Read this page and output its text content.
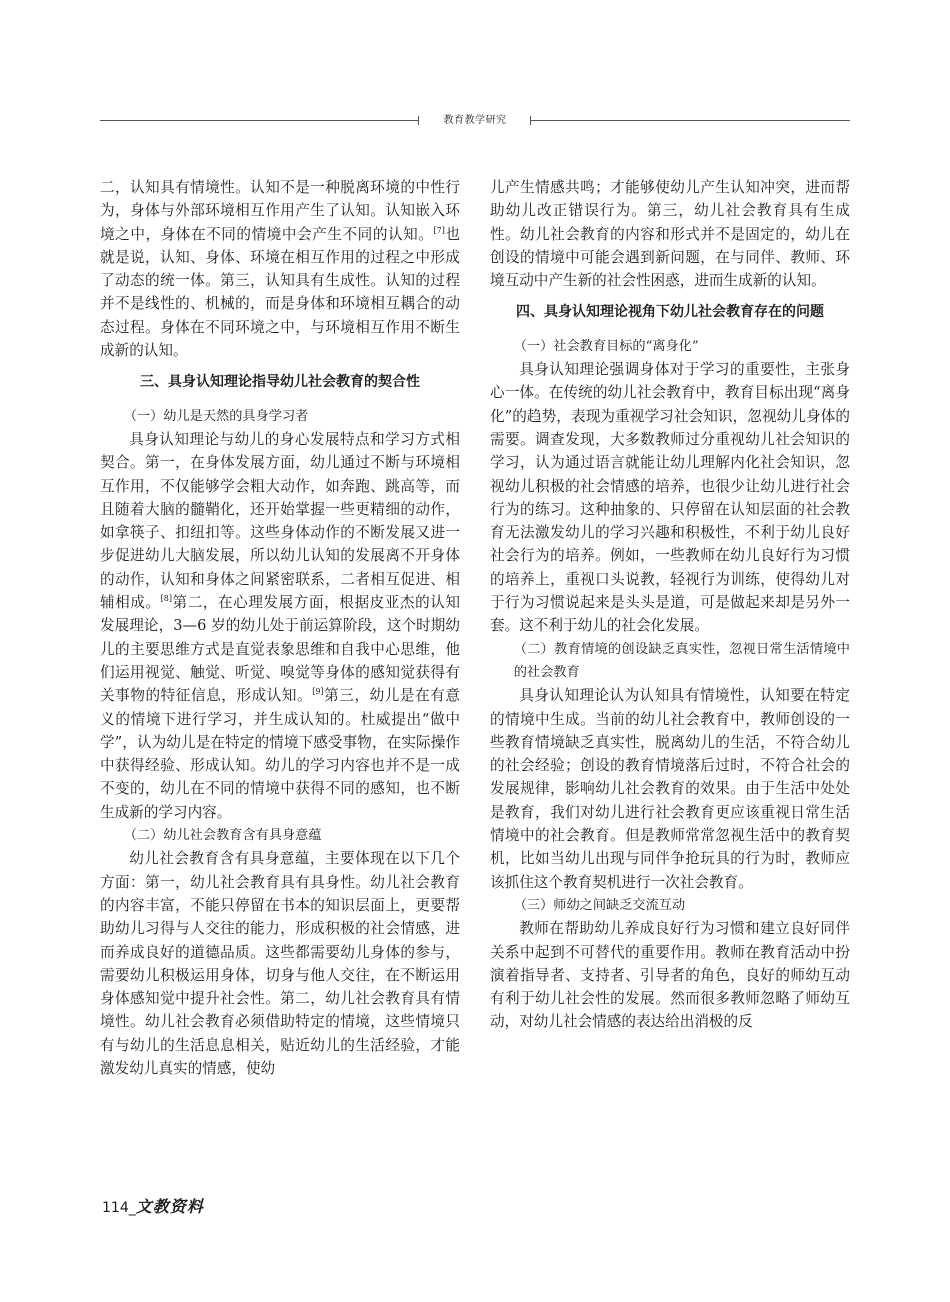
教育教学研究

二，认知具有情境性。认知不是一种脱离环境的中性行为，身体与外部环境相互作用产生了认知。认知嵌入环境之中，身体在不同的情境中会产生不同的认知。[7]也就是说，认知、身体、环境在相互作用的过程之中形成了动态的统一体。第三，认知具有生成性。认知的过程并不是线性的、机械的，而是身体和环境相互耦合的动态过程。身体在不同环境之中，与环境相互作用不断生成新的认知。

三、具身认知理论指导幼儿社会教育的契合性

（一）幼儿是天然的具身学习者

具身认知理论与幼儿的身心发展特点和学习方式相契合。第一，在身体发展方面，幼儿通过不断与环境相互作用，不仅能够学会粗大动作，如奔跑、跳高等，而且随着大脑的髓鞘化，还开始掌握一些更精细的动作，如拿筷子、扣纽扣等。这些身体动作的不断发展又进一步促进幼儿大脑发展，所以幼儿认知的发展离不开身体的动作，认知和身体之间紧密联系，二者相互促进、相辅相成。[8]第二，在心理发展方面，根据皮亚杰的认知发展理论，3—6 岁的幼儿处于前运算阶段，这个时期幼儿的主要思维方式是直觉表象思维和自我中心思维，他们运用视觉、触觉、听觉、嗅觉等身体的感知觉获得有关事物的特征信息，形成认知。[9]第三，幼儿是在有意义的情境下进行学习，并生成认知的。杜威提出“做中学”，认为幼儿是在特定的情境下感受事物，在实际操作中获得经验、形成认知。幼儿的学习内容也并不是一成不变的，幼儿在不同的情境中获得不同的感知，也不断生成新的学习内容。

（二）幼儿社会教育含有具身意蕴

幼儿社会教育含有具身意蕴，主要体现在以下几个方面：第一，幼儿社会教育具有具身性。幼儿社会教育的内容丰富，不能只停留在书本的知识层面上，更要帮助幼儿习得与人交往的能力，形成积极的社会情感，进而养成良好的道德品质。这些都需要幼儿身体的参与，需要幼儿积极运用身体，切身与他人交往，在不断运用身体感知觉中提升社会性。第二，幼儿社会教育具有情境性。幼儿社会教育必须借助特定的情境，这些情境只有与幼儿的生活息息相关，贴近幼儿的生活经验，才能激发幼儿真实的情感，使幼

儿产生情感共鸣；才能够使幼儿产生认知冲突，进而帮助幼儿改正错误行为。第三，幼儿社会教育具有生成性。幼儿社会教育的内容和形式并不是固定的，幼儿在创设的情境中可能会遇到新问题，在与同伴、教师、环境互动中产生新的社会性困惑，进而生成新的认知。

四、具身认知理论视角下幼儿社会教育存在的问题

（一）社会教育目标的“离身化”

具身认知理论强调身体对于学习的重要性，主张身心一体。在传统的幼儿社会教育中，教育目标出现“离身化”的趋势，表现为重视学习社会知识，忽视幼儿身体的需要。调查发现，大多数教师过分重视幼儿社会知识的学习，认为通过语言就能让幼儿理解内化社会知识，忽视幼儿积极的社会情感的培养，也很少让幼儿进行社会行为的练习。这种抽象的、只停留在认知层面的社会教育无法激发幼儿的学习兴趣和积极性，不利于幼儿良好社会行为的培养。例如，一些教师在幼儿良好行为习惯的培养上，重视口头说教，轻视行为训练，使得幼儿对于行为习惯说起来是头头是道，可是做起来却是另外一套。这不利于幼儿的社会化发展。

（二）教育情境的创设缺乏真实性，忽视日常生活情境中的社会教育

具身认知理论认为认知具有情境性，认知要在特定的情境中生成。当前的幼儿社会教育中，教师创设的一些教育情境缺乏真实性，脱离幼儿的生活，不符合幼儿的社会经验；创设的教育情境落后过时，不符合社会的发展规律，影响幼儿社会教育的效果。由于生活中处处是教育，我们对幼儿进行社会教育更应该重视日常生活情境中的社会教育。但是教师常常忽视生活中的教育契机，比如当幼儿出现与同伴争抢玩具的行为时，教师应该抓住这个教育契机进行一次社会教育。

（三）师幼之间缺乏交流互动

教师在帮助幼儿养成良好行为习惯和建立良好同伴关系中起到不可替代的重要作用。教师在教育活动中扮演着指导者、支持者、引导者的角色，良好的师幼互动有利于幼儿社会性的发展。然而很多教师忽略了师幼互动，对幼儿社会情感的表达给出消极的反

114_文教资料
